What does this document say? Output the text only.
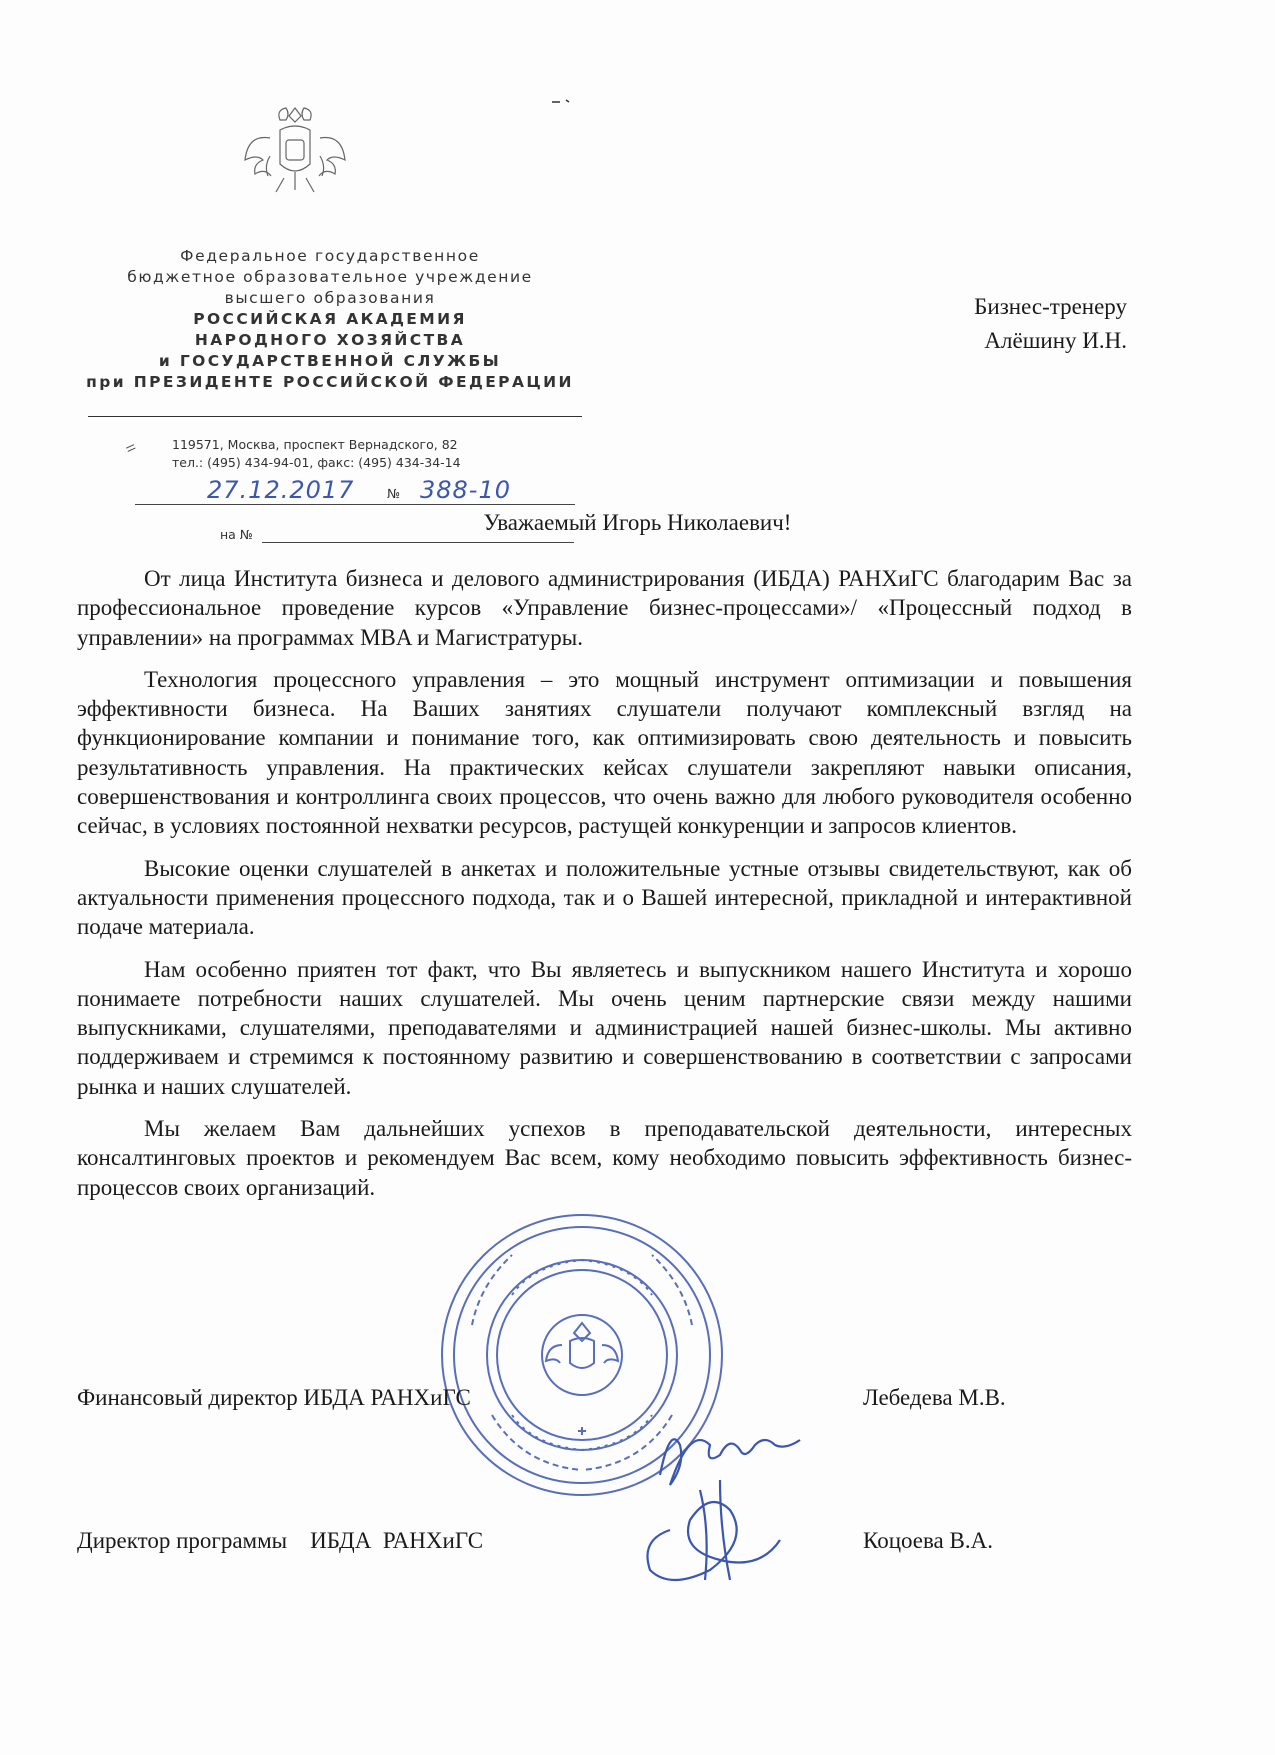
Федеральное государственное
бюджетное образовательное учреждение
высшего образования
РОССИЙСКАЯ АКАДЕМИЯ
НАРОДНОГО ХОЗЯЙСТВА
и ГОСУДАРСТВЕННОЙ СЛУЖБЫ
при ПРЕЗИДЕНТЕ РОССИЙСКОЙ ФЕДЕРАЦИИ
=	119571, Москва, проспект Вернадского, 82
тел.: (495) 434-94-01, факс: (495) 434-34-14
27.12.2017	№ 388-10
на №
Бизнес-тренеру
Алёшину И.Н.
Уважаемый Игорь Николаевич!

От лица Института бизнеса и делового администрирования (ИБДА) РАНХиГС благодарим Вас за профессиональное проведение курсов «Управление бизнес-процессами»/ «Процессный подход в управлении» на программах MBA и Магистратуры.

Технология процессного управления – это мощный инструмент оптимизации и повышения эффективности бизнеса. На Ваших занятиях слушатели получают комплексный взгляд на функционирование компании и понимание того, как оптимизировать свою деятельность и повысить результативность управления. На практических кейсах слушатели закрепляют навыки описания, совершенствования и контроллинга своих процессов, что очень важно для любого руководителя особенно сейчас, в условиях постоянной нехватки ресурсов, растущей конкуренции и запросов клиентов.

Высокие оценки слушателей в анкетах и положительные устные отзывы свидетельствуют, как об актуальности применения процессного подхода, так и о Вашей интересной, прикладной и интерактивной подаче материала.

Нам особенно приятен тот факт, что Вы являетесь и выпускником нашего Института и хорошо понимаете потребности наших слушателей. Мы очень ценим партнерские связи между нашими выпускниками, слушателями, преподавателями и администрацией нашей бизнес-школы. Мы активно поддерживаем и стремимся к постоянному развитию и совершенствованию в соответствии с запросами рынка и наших слушателей.

Мы желаем Вам дальнейших успехов в преподавательской деятельности, интересных консалтинговых проектов и рекомендуем Вас всем, кому необходимо повысить эффективность бизнес-процессов своих организаций.

Финансовый директор ИБДА РАНХиГС	Лебедева М.В.
Директор программы    ИБДА  РАНХиГС	Коцоева В.А.
